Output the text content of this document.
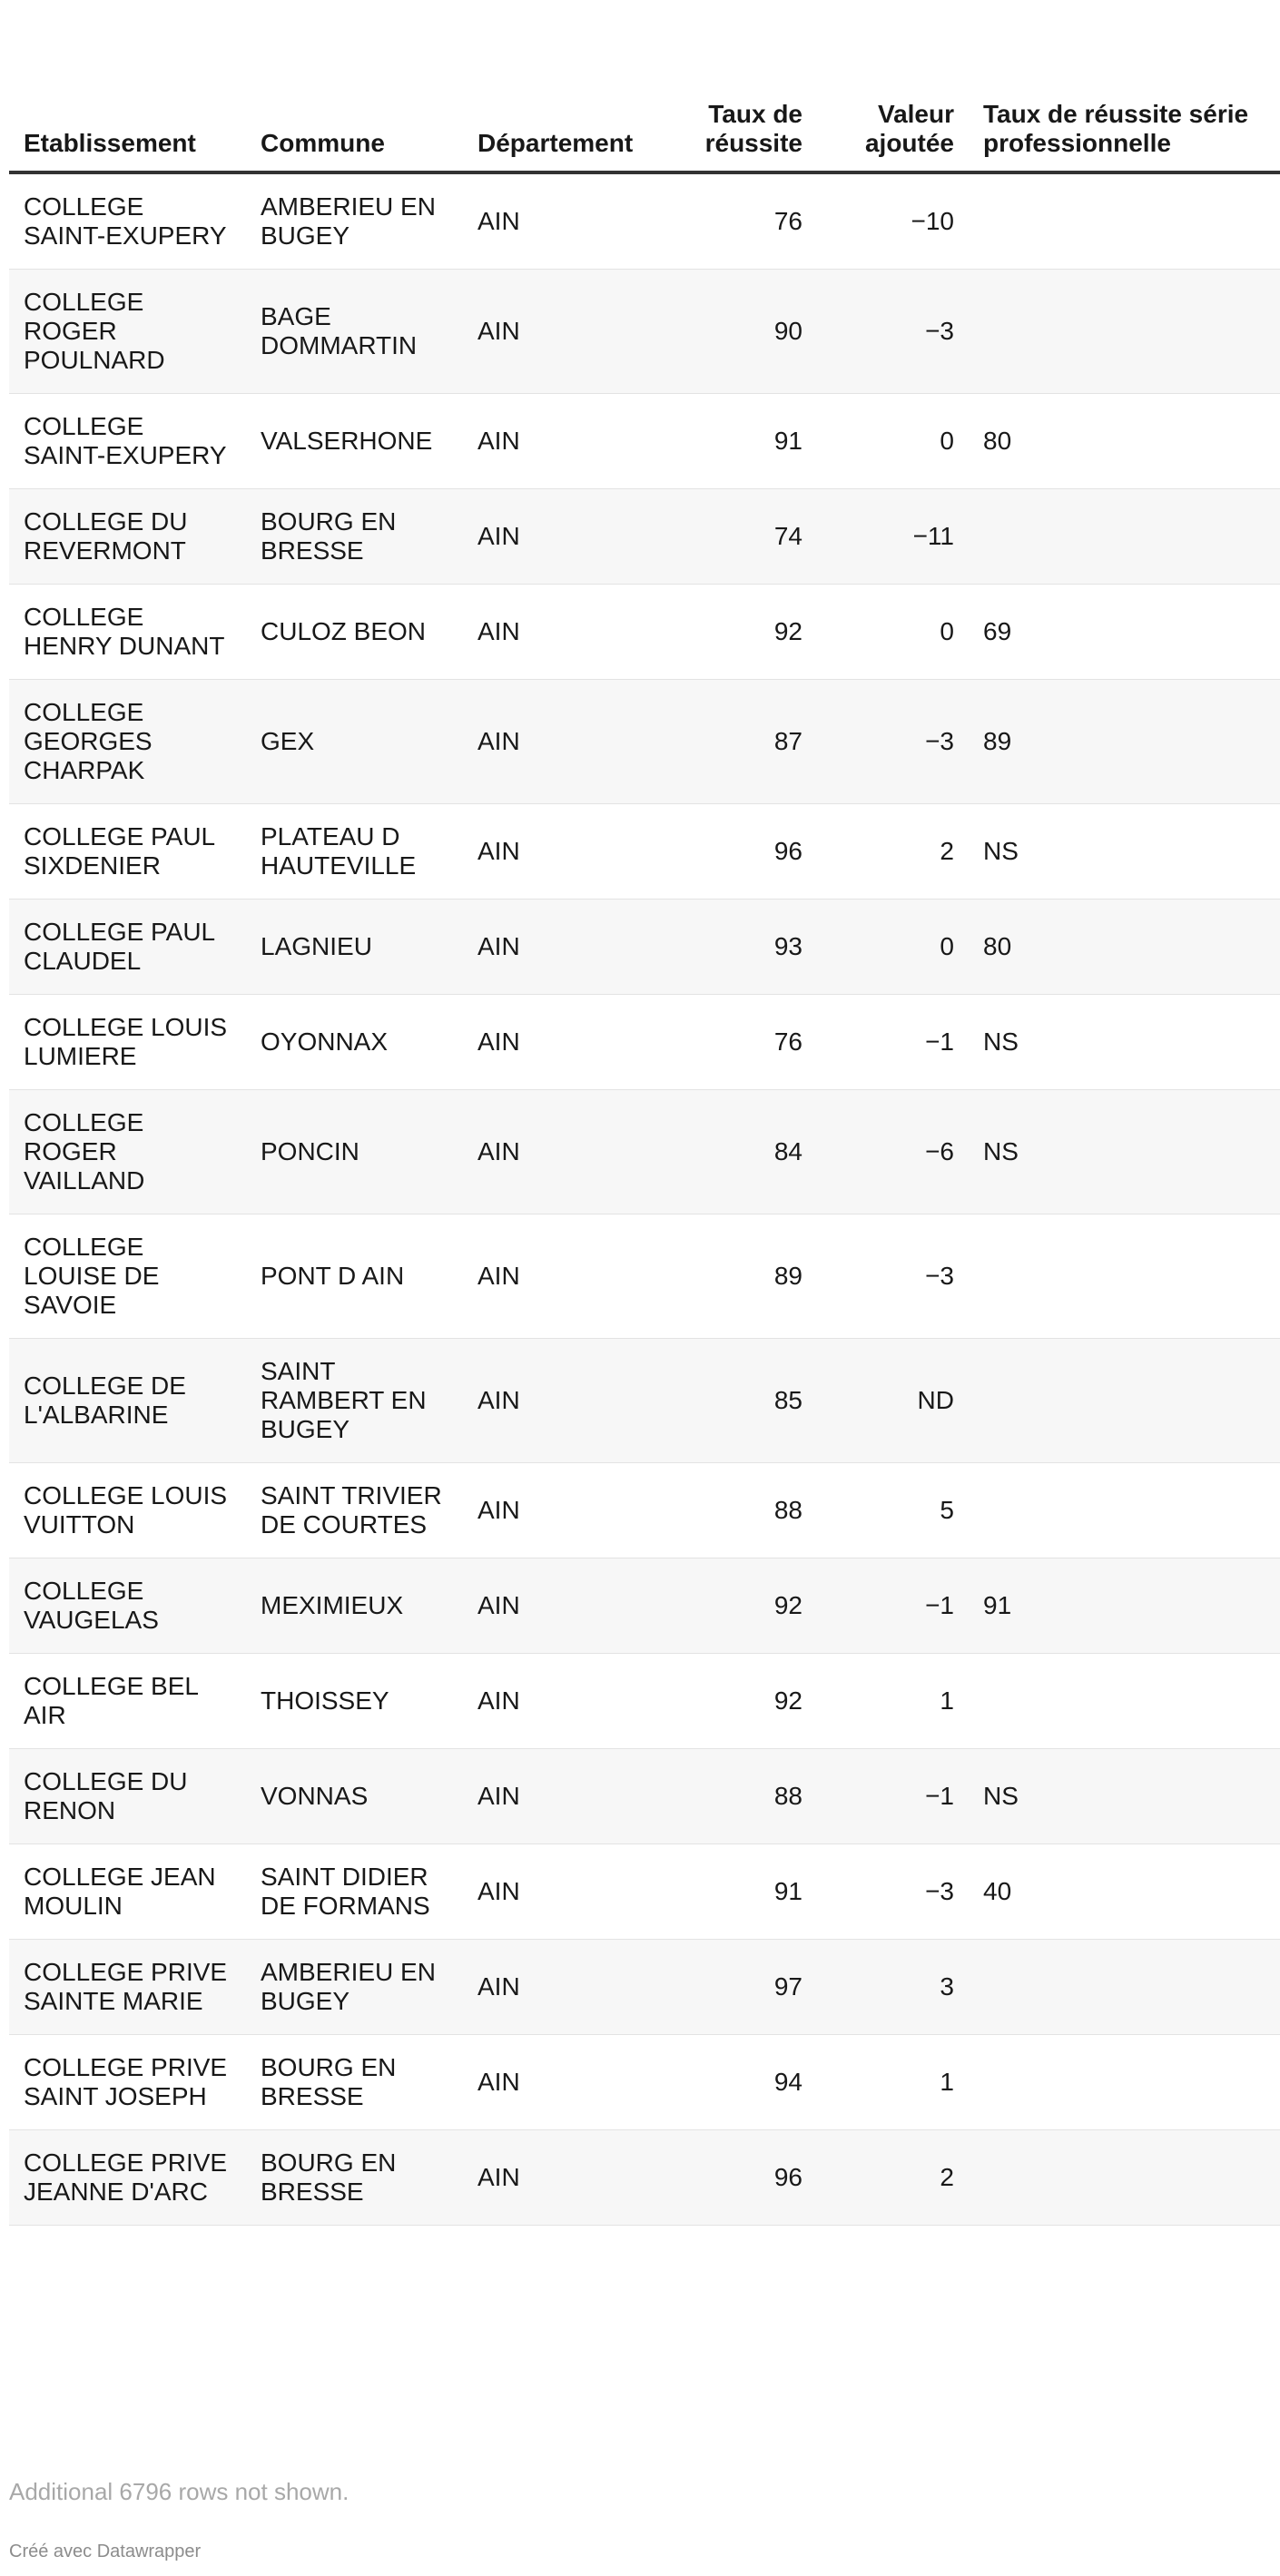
Etablissement	Commune	Département	Taux de réussite	Valeur ajoutée	Taux de réussite série professionnelle
COLLEGE SAINT-EXUPERY	AMBERIEU EN BUGEY	AIN	76	−10	
COLLEGE ROGER POULNARD	BAGE DOMMARTIN	AIN	90	−3	
COLLEGE SAINT-EXUPERY	VALSERHONE	AIN	91	0	80
COLLEGE DU REVERMONT	BOURG EN BRESSE	AIN	74	−11	
COLLEGE HENRY DUNANT	CULOZ BEON	AIN	92	0	69
COLLEGE GEORGES CHARPAK	GEX	AIN	87	−3	89
COLLEGE PAUL SIXDENIER	PLATEAU D HAUTEVILLE	AIN	96	2	NS
COLLEGE PAUL CLAUDEL	LAGNIEU	AIN	93	0	80
COLLEGE LOUIS LUMIERE	OYONNAX	AIN	76	−1	NS
COLLEGE ROGER VAILLAND	PONCIN	AIN	84	−6	NS
COLLEGE LOUISE DE SAVOIE	PONT D AIN	AIN	89	−3	
COLLEGE DE L'ALBARINE	SAINT RAMBERT EN BUGEY	AIN	85	ND	
COLLEGE LOUIS VUITTON	SAINT TRIVIER DE COURTES	AIN	88	5	
COLLEGE VAUGELAS	MEXIMIEUX	AIN	92	−1	91
COLLEGE BEL AIR	THOISSEY	AIN	92	1	
COLLEGE DU RENON	VONNAS	AIN	88	−1	NS
COLLEGE JEAN MOULIN	SAINT DIDIER DE FORMANS	AIN	91	−3	40
COLLEGE PRIVE SAINTE MARIE	AMBERIEU EN BUGEY	AIN	97	3	
COLLEGE PRIVE SAINT JOSEPH	BOURG EN BRESSE	AIN	94	1	
COLLEGE PRIVE JEANNE D'ARC	BOURG EN BRESSE	AIN	96	2	
Additional 6796 rows not shown.
Créé avec Datawrapper
